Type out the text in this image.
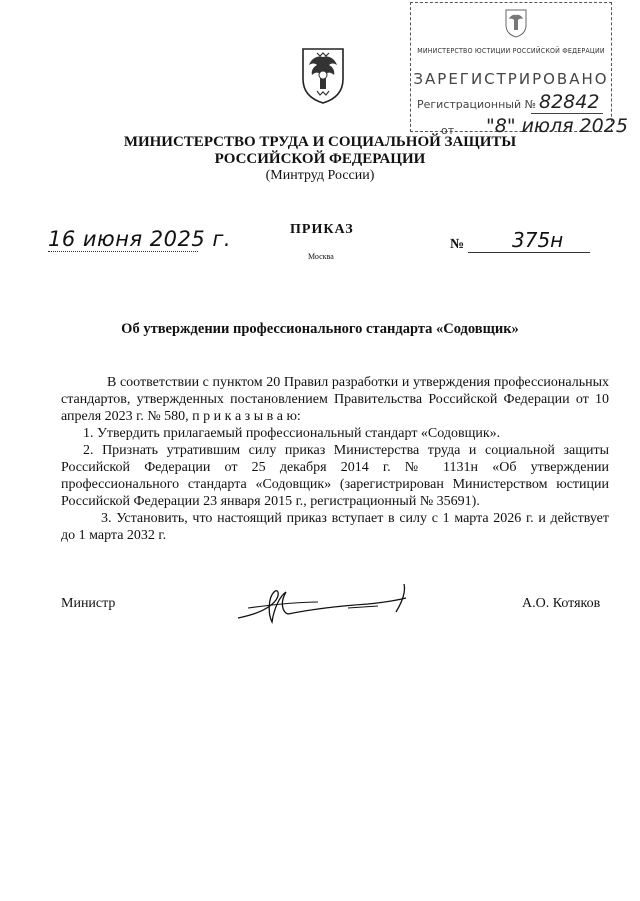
МИНИСТЕРСТВО ЮСТИЦИИ РОССИЙСКОЙ ФЕДЕРАЦИИ
ЗАРЕГИСТРИРОВАНО
Регистрационный № 82842
от	"8" июля 2025
МИНИСТЕРСТВО ТРУДА И СОЦИАЛЬНОЙ ЗАЩИТЫ РОССИЙСКОЙ ФЕДЕРАЦИИ
(Минтруд России)
16 июня 2025 г.	ПРИКАЗ
Москва
№ 375н
Об утверждении профессионального стандарта «Содовщик»

В соответствии с пунктом 20 Правил разработки и утверждения профессиональных стандартов, утвержденных постановлением Правительства Российской Федерации от 10 апреля 2023 г. № 580, п р и к а з ы в а ю:

1. Утвердить прилагаемый профессиональный стандарт «Содовщик».

2. Признать утратившим силу приказ Министерства труда и социальной защиты Российской Федерации от 25 декабря 2014 г. № 1131н «Об утверждении профессионального стандарта «Содовщик» (зарегистрирован Министерством юстиции Российской Федерации 23 января 2015 г., регистрационный № 35691).

3. Установить, что настоящий приказ вступает в силу с 1 марта 2026 г. и действует до 1 марта 2032 г.

Министр	А.О. Котяков
